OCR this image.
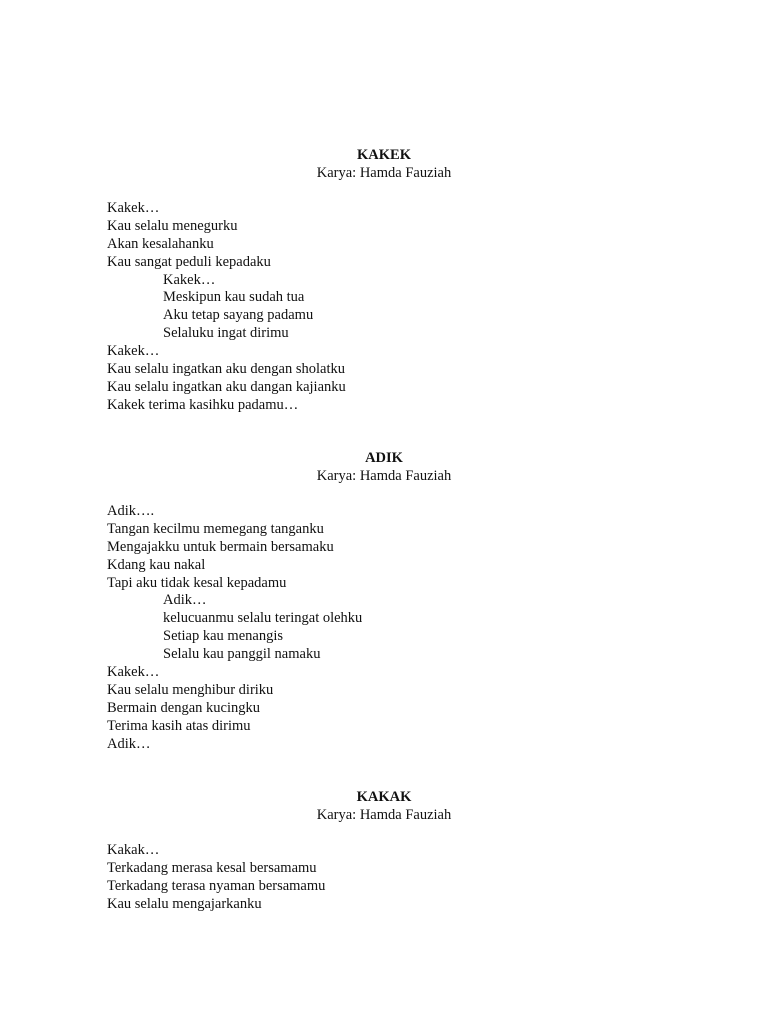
KAKEK
Karya: Hamda Fauziah
Kakek…
Kau selalu menegurku
Akan kesalahanku
Kau sangat peduli kepadaku
Kakek…
Meskipun kau sudah tua
Aku tetap sayang padamu
Selaluku ingat dirimu
Kakek…
Kau selalu ingatkan aku dengan sholatku
Kau selalu ingatkan aku dangan kajianku
Kakek terima kasihku padamu…
ADIK
Karya: Hamda Fauziah
Adik….
Tangan kecilmu memegang tanganku
Mengajakku untuk bermain bersamaku
Kdang kau nakal
Tapi aku tidak kesal kepadamu
Adik…
kelucuanmu selalu teringat olehku
Setiap kau menangis
Selalu kau panggil namaku
Kakek…
Kau selalu menghibur diriku
Bermain dengan kucingku
Terima kasih atas dirimu
Adik…
KAKAK
Karya: Hamda Fauziah
Kakak…
Terkadang merasa kesal bersamamu
Terkadang terasa nyaman bersamamu
Kau selalu mengajarkanku
